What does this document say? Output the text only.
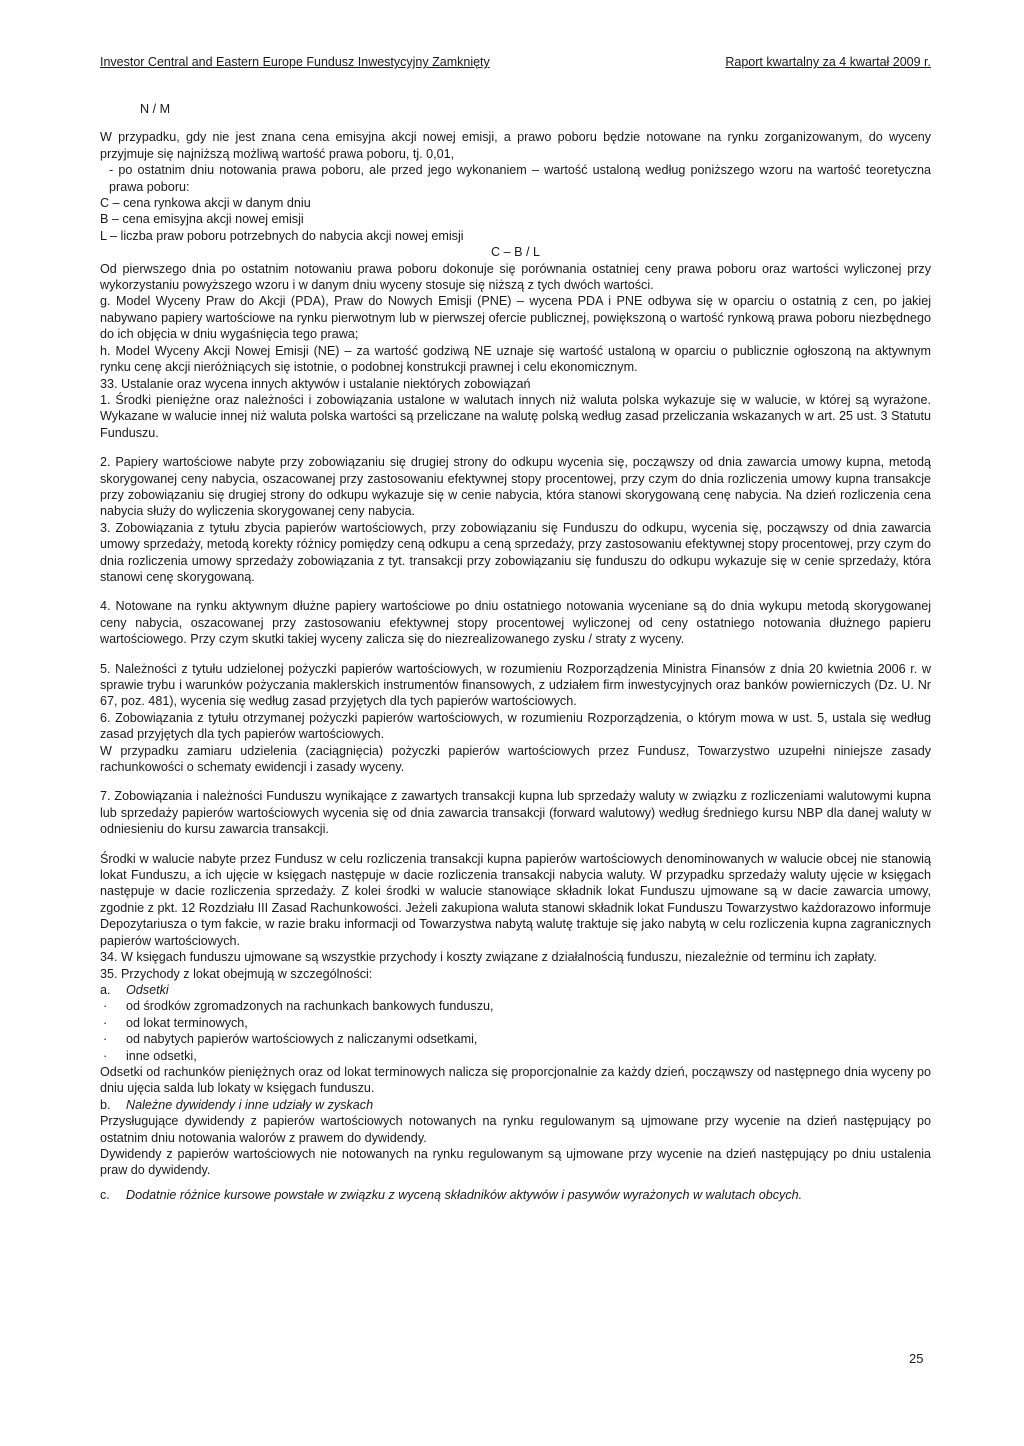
Investor Central and Eastern Europe Fundusz Inwestycyjny Zamknięty	Raport kwartalny za 4 kwartał 2009 r.

N / M

W przypadku, gdy nie jest znana cena emisyjna akcji nowej emisji, a prawo poboru będzie notowane na rynku zorganizowanym, do wyceny przyjmuje się najniższą możliwą wartość prawa poboru, tj. 0,01,

- po ostatnim dniu notowania prawa poboru, ale przed jego wykonaniem – wartość ustaloną według poniższego wzoru na wartość teoretyczna prawa poboru:

C – cena rynkowa akcji w danym dniu

B – cena emisyjna akcji nowej emisji

L – liczba praw poboru potrzebnych do nabycia akcji nowej emisji

C – B / L

Od pierwszego dnia po ostatnim notowaniu prawa poboru dokonuje się porównania ostatniej ceny prawa poboru oraz wartości wyliczonej przy wykorzystaniu powyższego wzoru i w danym dniu wyceny stosuje się niższą z tych dwóch wartości.

g. Model Wyceny Praw do Akcji (PDA), Praw do Nowych Emisji (PNE) – wycena PDA i PNE odbywa się w oparciu o ostatnią z cen, po jakiej nabywano papiery wartościowe na rynku pierwotnym lub w pierwszej ofercie publicznej, powiększoną o wartość rynkową prawa poboru niezbędnego do ich objęcia w dniu wygaśnięcia tego prawa;

h. Model Wyceny Akcji Nowej Emisji (NE) – za wartość godziwą NE uznaje się wartość ustaloną w oparciu o publicznie ogłoszoną na aktywnym rynku cenę akcji nieróżniących się istotnie, o podobnej konstrukcji prawnej i celu ekonomicznym.

33. Ustalanie oraz wycena innych aktywów i ustalanie niektórych zobowiązań

1. Środki pieniężne oraz należności i zobowiązania ustalone w walutach innych niż waluta polska wykazuje się w walucie, w której są wyrażone. Wykazane w walucie innej niż waluta polska wartości są przeliczane na walutę polską według zasad przeliczania wskazanych w art. 25 ust. 3 Statutu Funduszu.

2. Papiery wartościowe nabyte przy zobowiązaniu się drugiej strony do odkupu wycenia się, począwszy od dnia zawarcia umowy kupna, metodą skorygowanej ceny nabycia, oszacowanej przy zastosowaniu efektywnej stopy procentowej, przy czym do dnia rozliczenia umowy kupna transakcje przy zobowiązaniu się drugiej strony do odkupu wykazuje się w cenie nabycia, która stanowi skorygowaną cenę nabycia. Na dzień rozliczenia cena nabycia służy do wyliczenia skorygowanej ceny nabycia.

3. Zobowiązania z tytułu zbycia papierów wartościowych, przy zobowiązaniu się Funduszu do odkupu, wycenia się, począwszy od dnia zawarcia umowy sprzedaży, metodą korekty różnicy pomiędzy ceną odkupu a ceną sprzedaży, przy zastosowaniu efektywnej stopy procentowej, przy czym do dnia rozliczenia umowy sprzedaży zobowiązania z tyt. transakcji przy zobowiązaniu się funduszu do odkupu wykazuje się w cenie sprzedaży, która stanowi cenę skorygowaną.

4. Notowane na rynku aktywnym dłużne papiery wartościowe po dniu ostatniego notowania wyceniane są do dnia wykupu metodą skorygowanej ceny nabycia, oszacowanej przy zastosowaniu efektywnej stopy procentowej wyliczonej od ceny ostatniego notowania dłużnego papieru wartościowego. Przy czym skutki takiej wyceny zalicza się do niezrealizowanego zysku / straty z wyceny.

5. Należności z tytułu udzielonej pożyczki papierów wartościowych, w rozumieniu Rozporządzenia Ministra Finansów z dnia 20 kwietnia 2006 r. w sprawie trybu i warunków pożyczania maklerskich instrumentów finansowych, z udziałem firm inwestycyjnych oraz banków powierniczych (Dz. U. Nr 67, poz. 481), wycenia się według zasad przyjętych dla tych papierów wartościowych.

6. Zobowiązania z tytułu otrzymanej pożyczki papierów wartościowych, w rozumieniu Rozporządzenia, o którym mowa w ust. 5, ustala się według zasad przyjętych dla tych papierów wartościowych.

W przypadku zamiaru udzielenia (zaciągnięcia) pożyczki papierów wartościowych przez Fundusz, Towarzystwo uzupełni niniejsze zasady rachunkowości o schematy ewidencji i zasady wyceny.

7. Zobowiązania i należności Funduszu wynikające z zawartych transakcji kupna lub sprzedaży waluty w związku z rozliczeniami walutowymi kupna lub sprzedaży papierów wartościowych wycenia się od dnia zawarcia transakcji (forward walutowy) według średniego kursu NBP dla danej waluty w odniesieniu do kursu zawarcia transakcji.

Środki w walucie nabyte przez Fundusz w celu rozliczenia transakcji kupna papierów wartościowych denominowanych w walucie obcej nie stanowią lokat Funduszu, a ich ujęcie w księgach następuje w dacie rozliczenia transakcji nabycia waluty. W przypadku sprzedaży waluty ujęcie w księgach następuje w dacie rozliczenia sprzedaży. Z kolei środki w walucie stanowiące składnik lokat Funduszu ujmowane są w dacie zawarcia umowy, zgodnie z pkt. 12 Rozdziału III Zasad Rachunkowości. Jeżeli zakupiona waluta stanowi składnik lokat Funduszu Towarzystwo każdorazowo informuje Depozytariusza o tym fakcie, w razie braku informacji od Towarzystwa nabytą walutę traktuje się jako nabytą w celu rozliczenia kupna zagranicznych papierów wartościowych.

34. W księgach funduszu ujmowane są wszystkie przychody i koszty związane z działalnością funduszu, niezależnie od terminu ich zapłaty.

35. Przychody z lokat obejmują w szczególności:

a.	Odsetki
·	od środków zgromadzonych na rachunkach bankowych funduszu,
·	od lokat terminowych,
·	od nabytych papierów wartościowych z naliczanymi odsetkami,
·	inne odsetki,

Odsetki od rachunków pieniężnych oraz od lokat terminowych nalicza się proporcjonalnie za każdy dzień, począwszy od następnego dnia wyceny po dniu ujęcia salda lub lokaty w księgach funduszu.

b.	Należne dywidendy i inne udziały w zyskach

Przysługujące dywidendy z papierów wartościowych notowanych na rynku regulowanym są ujmowane przy wycenie na dzień następujący po ostatnim dniu notowania walorów z prawem do dywidendy.

Dywidendy z papierów wartościowych nie notowanych na rynku regulowanym są ujmowane przy wycenie na dzień następujący po dniu ustalenia praw do dywidendy.

c.	Dodatnie różnice kursowe powstałe w związku z wyceną składników aktywów i pasywów wyrażonych w walutach obcych.
25
